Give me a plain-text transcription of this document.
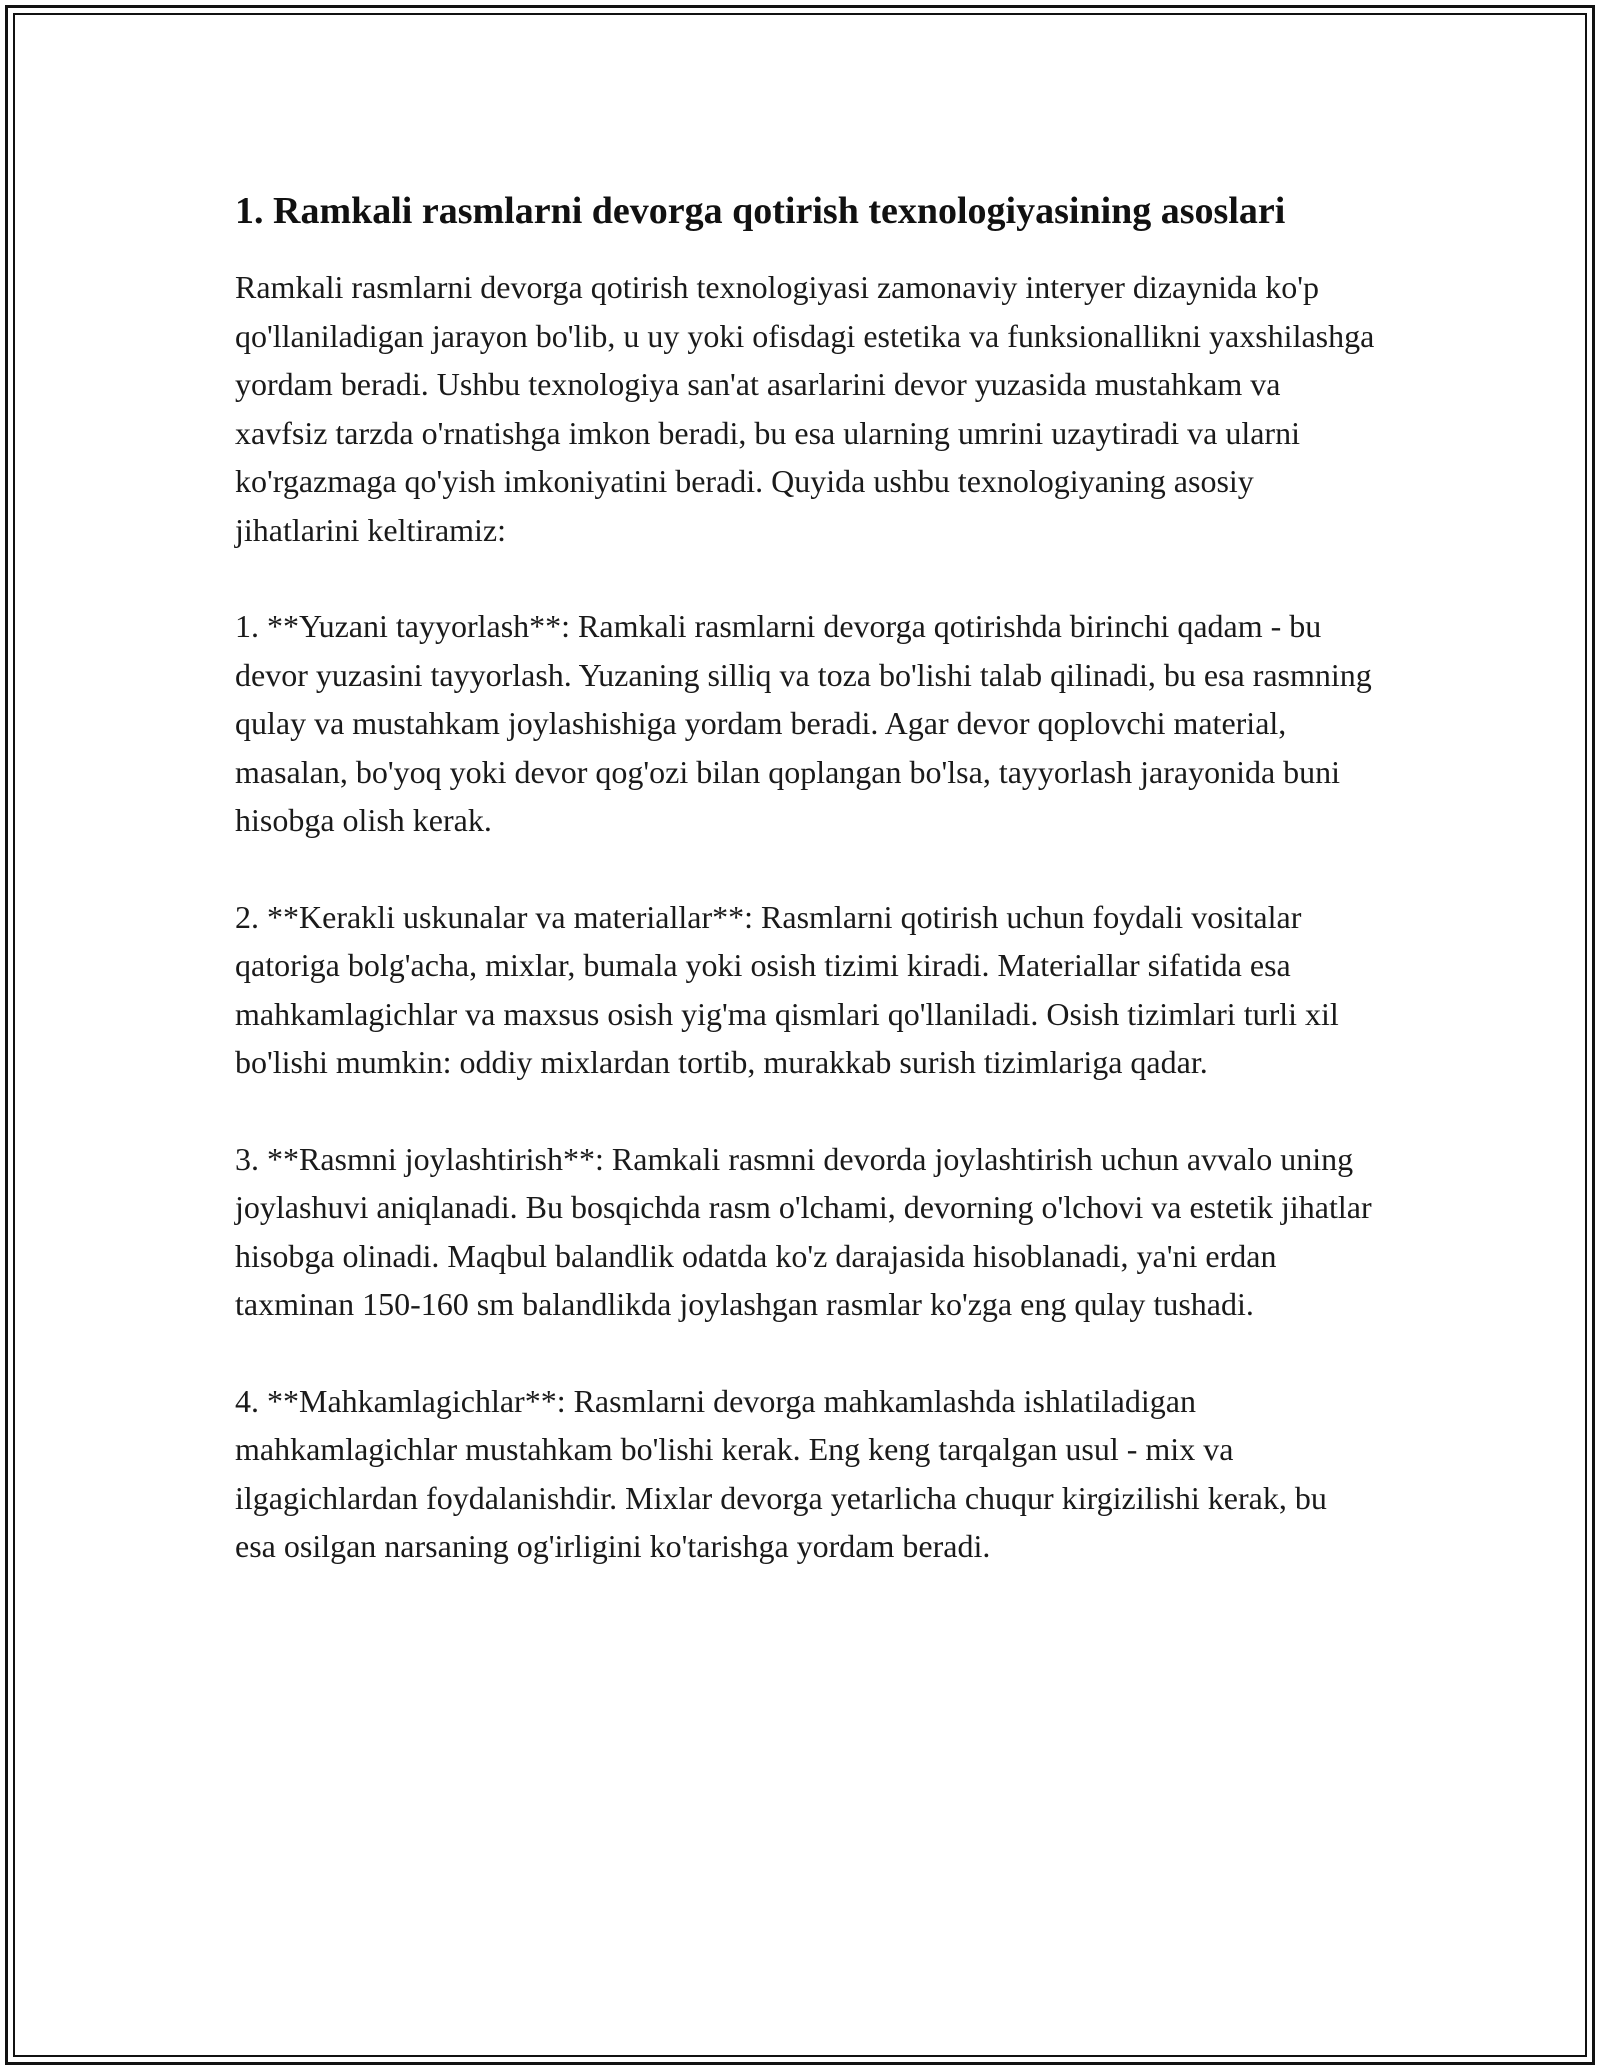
1. Ramkali rasmlarni devorga qotirish texnologiyasining asoslari

Ramkali rasmlarni devorga qotirish texnologiyasi zamonaviy interyer dizaynida ko'p qo'llaniladigan jarayon bo'lib, u uy yoki ofisdagi estetika va funksionallikni yaxshilashga yordam beradi. Ushbu texnologiya san'at asarlarini devor yuzasida mustahkam va xavfsiz tarzda o'rnatishga imkon beradi, bu esa ularning umrini uzaytiradi va ularni ko'rgazmaga qo'yish imkoniyatini beradi. Quyida ushbu texnologiyaning asosiy jihatlarini keltiramiz:

1. **Yuzani tayyorlash**: Ramkali rasmlarni devorga qotirishda birinchi qadam - bu devor yuzasini tayyorlash. Yuzaning silliq va toza bo'lishi talab qilinadi, bu esa rasmning qulay va mustahkam joylashishiga yordam beradi. Agar devor qoplovchi material, masalan, bo'yoq yoki devor qog'ozi bilan qoplangan bo'lsa, tayyorlash jarayonida buni hisobga olish kerak.

2. **Kerakli uskunalar va materiallar**: Rasmlarni qotirish uchun foydali vositalar qatoriga bolg'acha, mixlar, bumala yoki osish tizimi kiradi. Materiallar sifatida esa mahkamlagichlar va maxsus osish yig'ma qismlari qo'llaniladi. Osish tizimlari turli xil bo'lishi mumkin: oddiy mixlardan tortib, murakkab surish tizimlariga qadar.

3. **Rasmni joylashtirish**: Ramkali rasmni devorda joylashtirish uchun avvalo uning joylashuvi aniqlanadi. Bu bosqichda rasm o'lchami, devorning o'lchovi va estetik jihatlar hisobga olinadi. Maqbul balandlik odatda ko'z darajasida hisoblanadi, ya'ni erdan taxminan 150-160 sm balandlikda joylashgan rasmlar ko'zga eng qulay tushadi.

4. **Mahkamlagichlar**: Rasmlarni devorga mahkamlashda ishlatiladigan mahkamlagichlar mustahkam bo'lishi kerak. Eng keng tarqalgan usul - mix va ilgagichlardan foydalanishdir. Mixlar devorga yetarlicha chuqur kirgizilishi kerak, bu esa osilgan narsaning og'irligini ko'tarishga yordam beradi.
